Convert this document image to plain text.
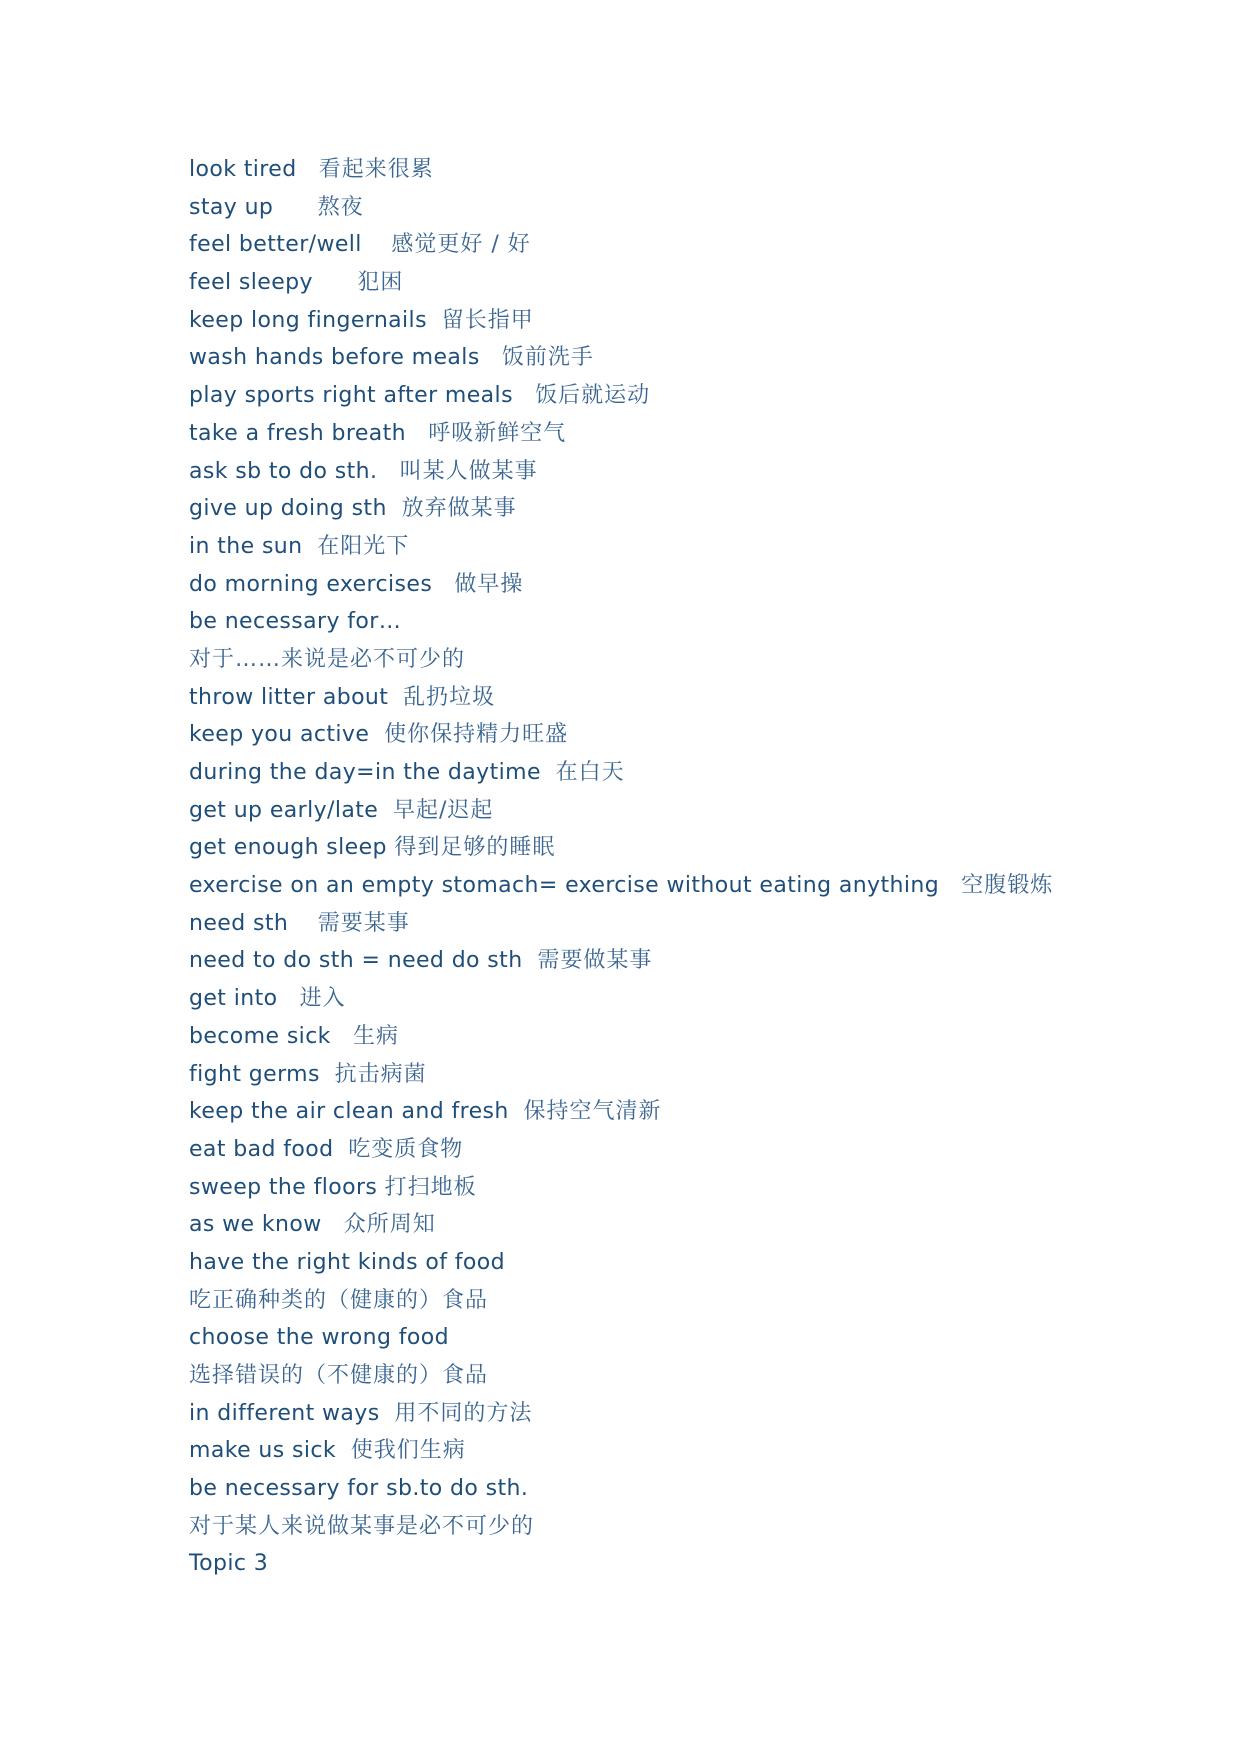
look tired   看起来很累
stay up      熬夜
feel better/well    感觉更好 / 好
feel sleepy      犯困
keep long fingernails  留长指甲
wash hands before meals   饭前洗手
play sports right after meals   饭后就运动
take a fresh breath   呼吸新鲜空气
ask sb to do sth.   叫某人做某事
give up doing sth  放弃做某事
in the sun  在阳光下
do morning exercises   做早操
be necessary for…
对于……来说是必不可少的
throw litter about  乱扔垃圾
keep you active  使你保持精力旺盛
during the day=in the daytime  在白天
get up early/late  早起/迟起
get enough sleep 得到足够的睡眠
exercise on an empty stomach= exercise without eating anything   空腹锻炼
need sth    需要某事
need to do sth = need do sth  需要做某事
get into   进入
become sick   生病
fight germs  抗击病菌
keep the air clean and fresh  保持空气清新
eat bad food  吃变质食物
sweep the floors 打扫地板
as we know   众所周知
have the right kinds of food
吃正确种类的（健康的）食品
choose the wrong food
选择错误的（不健康的）食品
in different ways  用不同的方法
make us sick  使我们生病
be necessary for sb.to do sth.
对于某人来说做某事是必不可少的
Topic 3
